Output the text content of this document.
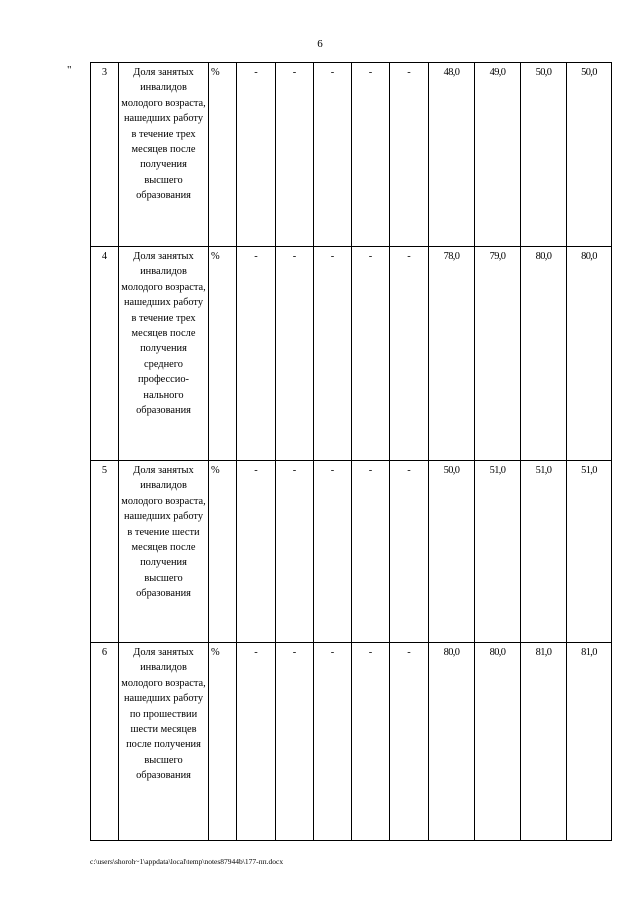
6
"	3	Доля занятых инвалидов молодого возраста, нашедших работу в течение трех месяцев после получения высшего образования	%	-	-	-	-	-	48,0	49,0	50,0	50,0
4	Доля занятых инвалидов молодого возраста, нашедших работу в течение трех месяцев после получения среднего профессио-нального образования	%	-	-	-	-	-	78,0	79,0	80,0	80,0
5	Доля занятых инвалидов молодого возраста, нашедших работу в течение шести месяцев после получения высшего образования	%	-	-	-	-	-	50,0	51,0	51,0	51,0
6	Доля занятых инвалидов молодого возраста, нашедших работу по прошествии шести месяцев после получения высшего образования	%	-	-	-	-	-	80,0	80,0	81,0	81,0
c:\users\shoroh~1\appdata\local\temp\notes87944b\177-пп.docx
